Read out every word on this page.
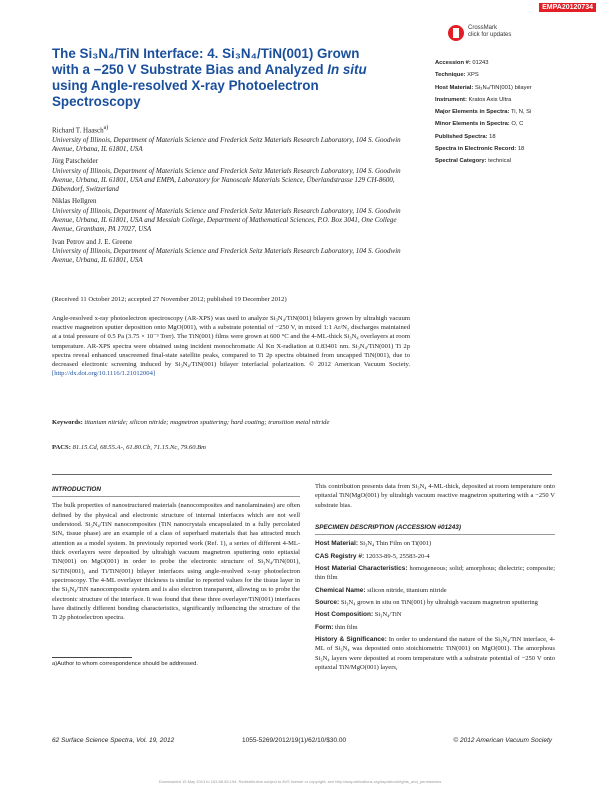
EMPA20120734
CrossMark
click for updates
The Si₃N₄/TiN Interface: 4. Si₃N₄/TiN(001) Grown with a −250 V Substrate Bias and Analyzed In situ using Angle-resolved X-ray Photoelectron Spectroscopy
Accession #: 01243
Technique: XPS
Host Material: Si₃N₄/TiN(001) bilayer
Instrument: Kratos Axis Ultra
Major Elements in Spectra: Ti, N, Si
Minor Elements in Spectra: O, C
Published Spectra: 18
Spectra in Electronic Record: 18
Spectral Category: technical
Richard T. Haasch$^{a)}$
University of Illinois, Department of Materials Science and Frederick Seitz Materials Research Laboratory, 104 S. Goodwin Avenue, Urbana, IL 61801, USA
Jörg Patscheider
University of Illinois, Department of Materials Science and Frederick Seitz Materials Research Laboratory, 104 S. Goodwin Avenue, Urbana, IL 61801, USA and EMPA, Laboratory for Nanoscale Materials Science, Überlandstrasse 129 CH-8600, Dübendorf, Switzerland
Niklas Hellgren
University of Illinois, Department of Materials Science and Frederick Seitz Materials Research Laboratory, 104 S. Goodwin Avenue, Urbana, IL 61801, USA and Messiah College, Department of Mathematical Sciences, P.O. Box 3041, One College Avenue, Grantham, PA 17027, USA
Ivan Petrov and J. E. Greene
University of Illinois, Department of Materials Science and Frederick Seitz Materials Research Laboratory, 104 S. Goodwin Avenue, Urbana, IL 61801, USA
(Received 11 October 2012; accepted 27 November 2012; published 19 December 2012)
Angle-resolved x-ray photoelectron spectroscopy (AR-XPS) was used to analyze Si₃N₄/TiN(001) bilayers grown by ultrahigh vacuum reactive magnetron sputter deposition onto MgO(001), with a substrate potential of −250 V, in mixed 1:1 Ar/N₂ discharges maintained at a total pressure of 0.5 Pa (3.75 × 10⁻³ Torr). The TiN(001) films were grown at 600 °C and the 4-ML-thick Si₃N₄ overlayers at room temperature. AR-XPS spectra were obtained using incident monochromatic Al Kα X-radiation at 0.83401 nm. Si₃N₄/TiN(001) Ti 2p spectra reveal enhanced unscreened final-state satellite peaks, compared to Ti 2p spectra obtained from uncapped TiN(001), due to decreased electronic screening induced by Si₃N₄/TiN(001) bilayer interfacial polarization. © 2012 American Vacuum Society. [http://dx.doi.org/10.1116/1.21012004]
Keywords: titanium nitride; silicon nitride; magnetron sputtering; hard coating; transition metal nitride
PACS: 81.15.Cd, 68.55.A-, 61.80.Cb, 71.15.Nc, 79.60.Bm
INTRODUCTION
The bulk properties of nanostructured materials (nanocomposites and nanolaminates) are often defined by the physical and electronic structure of internal interfaces which are not well understood. Si₃N₄/TiN nanocomposites (TiN nanocrystals encapsulated in a fully percolated SiNₓ tissue phase) are an example of a class of superhard materials that has attracted much attention as a model system. In previously reported work (Ref. 1), a series of different 4-ML-thick overlayers were deposited by ultrahigh vacuum magnetron sputtering onto epitaxial TiN(001) on MgO(001) in order to probe the electronic structure of Si₃N₄/TiN(001), Si/TiN(001), and Ti/TiN(001) bilayer interfaces using angle-resolved x-ray photoelectron spectroscopy. The 4-ML overlayer thickness is similar to reported values for the tissue layer in the Si₃N₄/TiN nanocomposite system and is also electron transparent, allowing us to probe the electronic structure of the interface. It was found that these three overlayer/TiN(001) interfaces have distinctly different bonding characteristics, significantly influencing the structure of the Ti 2p photoelectron spectra.
This contribution presents data from Si₃N₄ 4-ML-thick, deposited at room temperature onto epitaxial TiN(MgO(001) by ultrahigh vacuum reactive magnetron sputtering with a −250 V substrate bias.
SPECIMEN DESCRIPTION (ACCESSION #01243)
Host Material: Si₃N₄ Thin Film on Ti(001)
CAS Registry #: 12033-89-5, 25583-20-4
Host Material Characteristics: homogeneous; solid; amorphous; dielectric; composite; thin film
Chemical Name: silicon nitride, titanium nitride
Source: Si₃N₄ grown in situ on TiN(001) by ultrahigh vacuum magnetron sputtering
Host Composition: Si₃N₄/TiN
Form: thin film
History & Significance: In order to understand the nature of the Si₃N₄/TiN interface, 4-ML of Si₃N₄ was deposited onto stoichiometric TiN(001) on MgO(001). The amorphous Si₃N₄ layers were deposited at room temperature with a substrate potential of −250 V onto epitaxial TiN/MgO(001) layers,
a)Author to whom correspondence should be addressed.
62 Surface Science Spectra, Vol. 19, 2012	1055-5269/2012/19(1)/62/10/$30.00	© 2012 American Vacuum Society
Downloaded 15 May 2013 to 153.88.55.194. Redistribution subject to AVS license or copyright; see http://avspublications.org/ssp/about/rights_and_permissions
